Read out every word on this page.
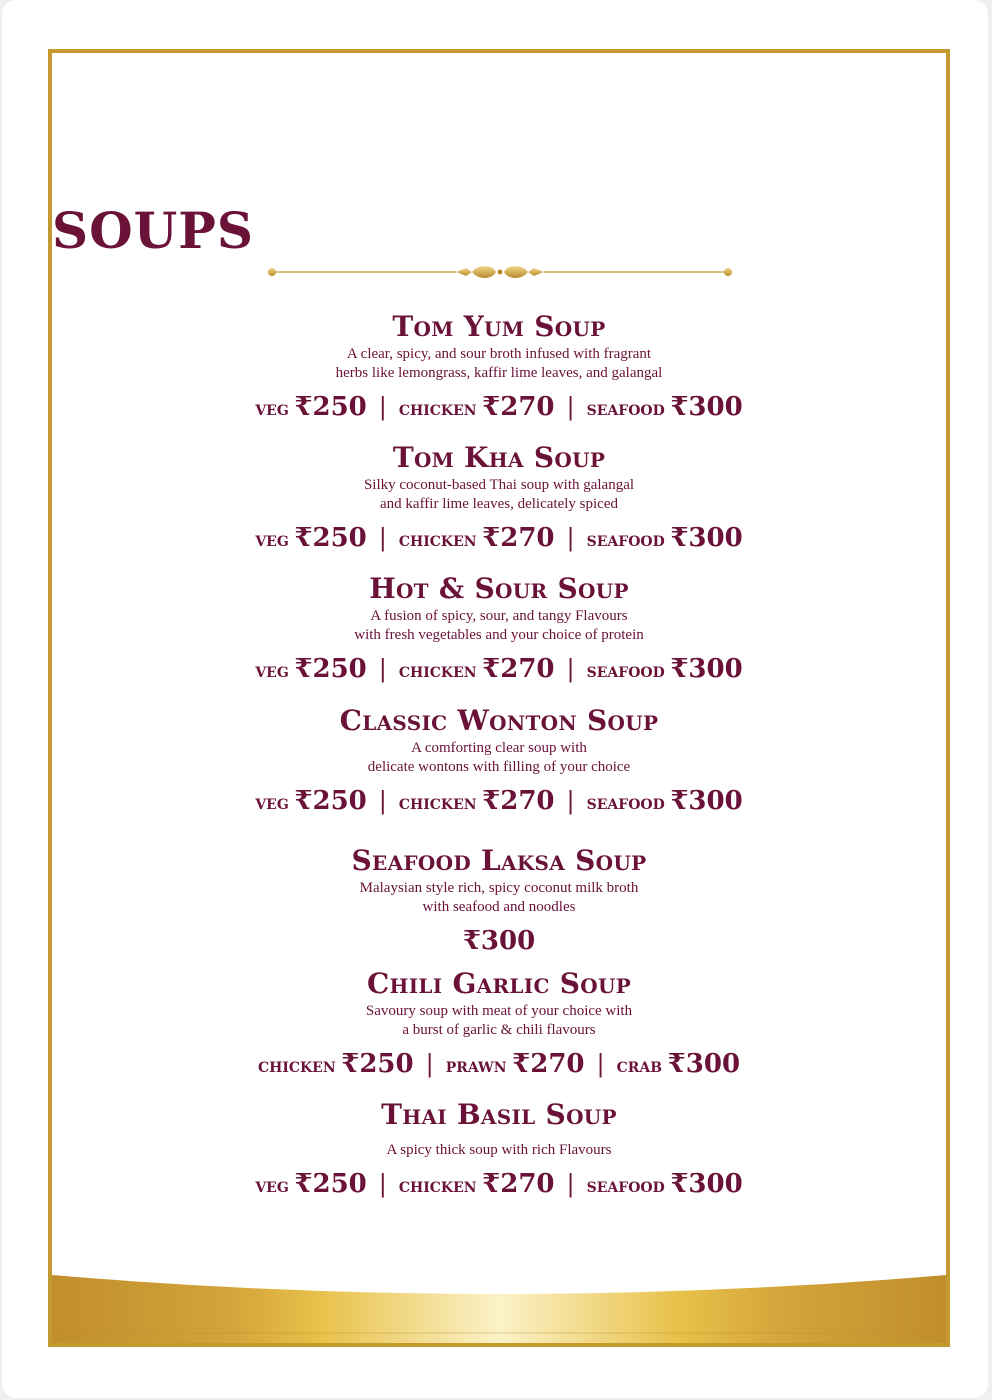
SOUPS
Tom Yum Soup
A clear, spicy, and sour broth infused with fragrant
herbs like lemongrass, kaffir lime leaves, and galangal
veg ₹250 | chicken ₹270 | seafood ₹300
Tom Kha Soup
Silky coconut-based Thai soup with galangal
and kaffir lime leaves, delicately spiced
veg ₹250 | chicken ₹270 | seafood ₹300
Hot & Sour Soup
A fusion of spicy, sour, and tangy Flavours
with fresh vegetables and your choice of protein
veg ₹250 | chicken ₹270 | seafood ₹300
Classic Wonton Soup
A comforting clear soup with
delicate wontons with filling of your choice
veg ₹250 | chicken ₹270 | seafood ₹300
Seafood Laksa Soup
Malaysian style rich, spicy coconut milk broth
with seafood and noodles
₹300
Chili Garlic Soup
Savoury soup with meat of your choice with
a burst of garlic & chili flavours
chicken ₹250 | prawn ₹270 | crab ₹300
Thai Basil Soup
A spicy thick soup with rich Flavours
veg ₹250 | chicken ₹270 | seafood ₹300
